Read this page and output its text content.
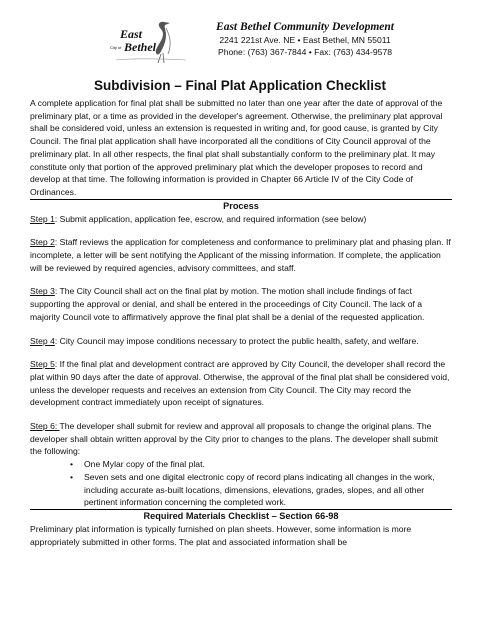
East
City of Bethel
East Bethel Community Development
2241 221st Ave. NE • East Bethel, MN 55011
Phone: (763) 367-7844 • Fax: (763) 434-9578
Subdivision – Final Plat Application Checklist

A complete application for final plat shall be submitted no later than one year after the date of approval of the preliminary plat, or a time as provided in the developer's agreement. Otherwise, the preliminary plat approval shall be considered void, unless an extension is requested in writing and, for good cause, is granted by City Council. The final plat application shall have incorporated all the conditions of City Council approval of the preliminary plat. In all other respects, the final plat shall substantially conform to the preliminary plat. It may constitute only that portion of the approved preliminary plat which the developer proposes to record and develop at that time. The following information is provided in Chapter 66 Article IV of the City Code of Ordinances.

Process

Step 1: Submit application, application fee, escrow, and required information (see below)

Step 2: Staff reviews the application for completeness and conformance to preliminary plat and phasing plan. If incomplete, a letter will be sent notifying the Applicant of the missing information. If complete, the application will be reviewed by required agencies, advisory committees, and staff.

Step 3: The City Council shall act on the final plat by motion. The motion shall include findings of fact supporting the approval or denial, and shall be entered in the proceedings of City Council. The lack of a majority Council vote to affirmatively approve the final plat shall be a denial of the requested application.

Step 4: City Council may impose conditions necessary to protect the public health, safety, and welfare.

Step 5: If the final plat and development contract are approved by City Council, the developer shall record the plat within 90 days after the date of approval. Otherwise, the approval of the final plat shall be considered void, unless the developer requests and receives an extension from City Council. The City may record the development contract immediately upon receipt of signatures.

Step 6: The developer shall submit for review and approval all proposals to change the original plans. The developer shall obtain written approval by the City prior to changes to the plans. The developer shall submit the following:

• One Mylar copy of the final plat.
• Seven sets and one digital electronic copy of record plans indicating all changes in the work, including accurate as-built locations, dimensions, elevations, grades, slopes, and all other pertinent information concerning the completed work.
Required Materials Checklist – Section 66-98

Preliminary plat information is typically furnished on plan sheets. However, some information is more appropriately submitted in other forms. The plat and associated information shall be
